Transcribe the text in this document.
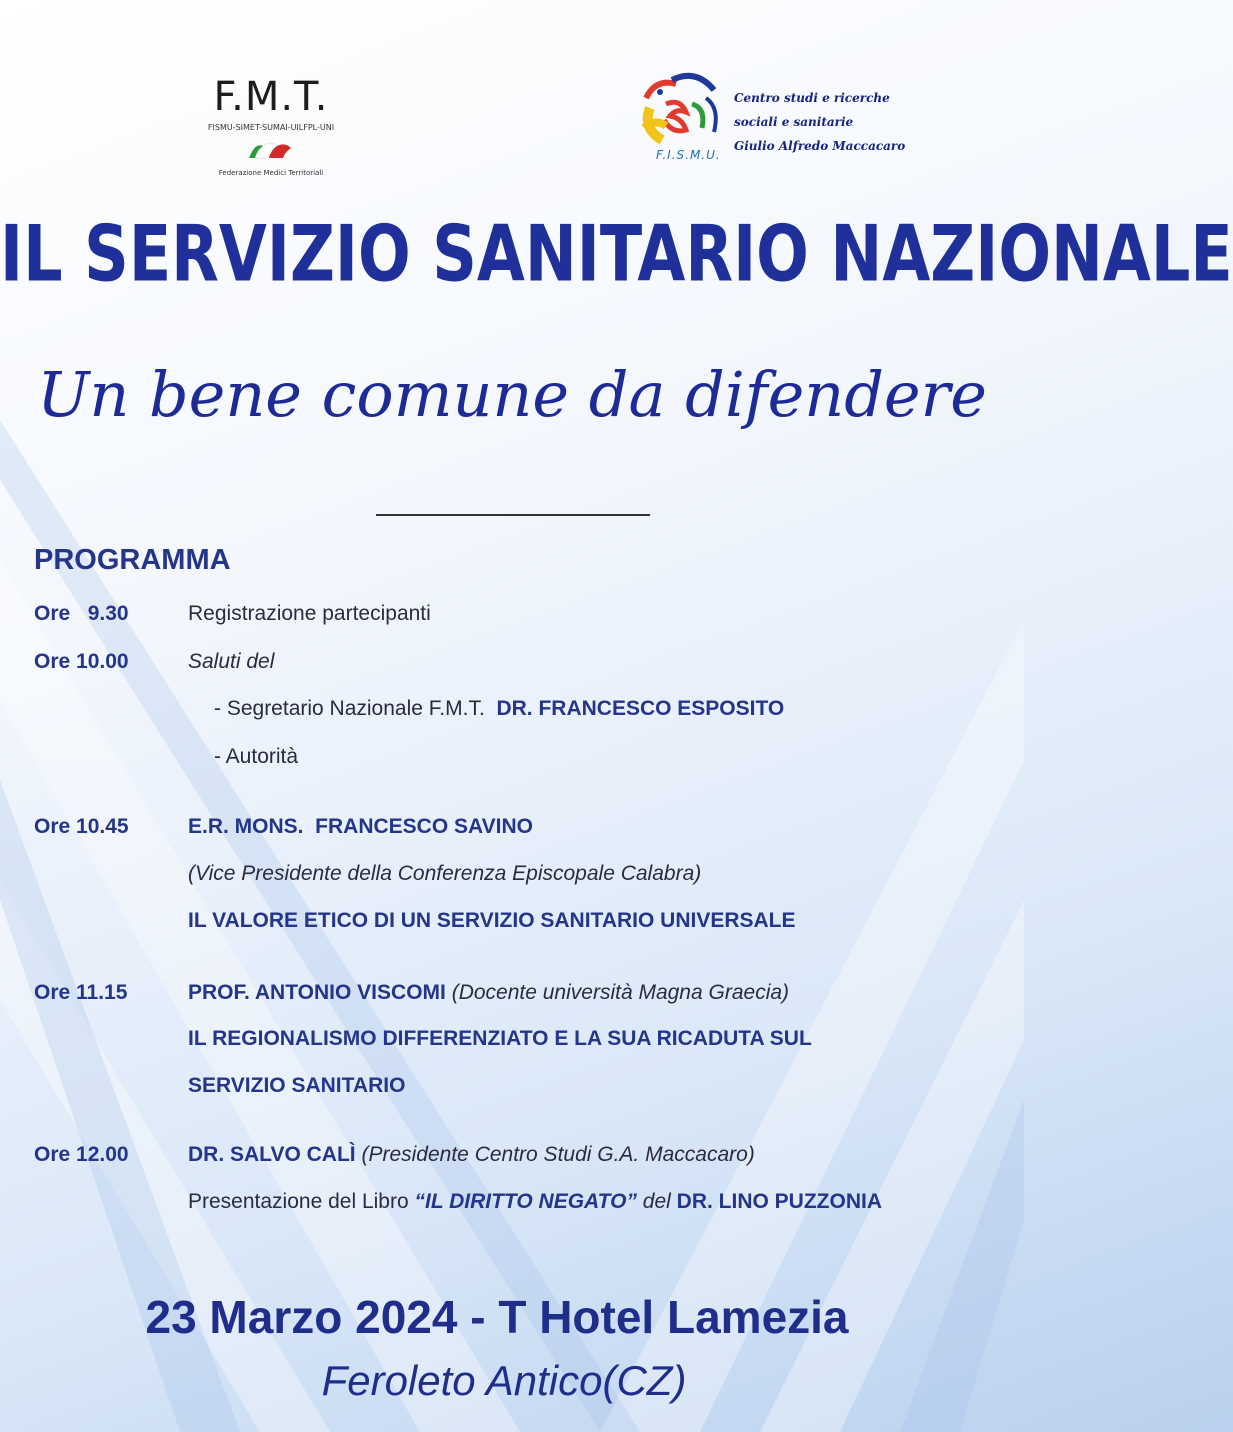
F.M.T.
FISMU-SIMET-SUMAI-UILFPL-UNI
Federazione Medici Territoriali
F.I.S.M.U.
Centro studi e ricerche
sociali e sanitarie
Giulio Alfredo Maccacaro
IL SERVIZIO SANITARIO NAZIONALE
Un bene comune da difendere
PROGRAMMA
Ore   9.30	Registrazione partecipanti
Ore 10.00	Saluti del
- Segretario Nazionale F.M.T. DR. FRANCESCO ESPOSITO
- Autorità
Ore 10.45	E.R. MONS.  FRANCESCO SAVINO
(Vice Presidente della Conferenza Episcopale Calabra)
IL VALORE ETICO DI UN SERVIZIO SANITARIO UNIVERSALE
Ore 11.15	PROF. ANTONIO VISCOMI (Docente università Magna Graecia)
IL REGIONALISMO DIFFERENZIATO E LA SUA RICADUTA SUL
SERVIZIO SANITARIO
Ore 12.00	DR. SALVO CALÌ (Presidente Centro Studi G.A. Maccacaro)
Presentazione del Libro “IL DIRITTO NEGATO” del DR. LINO PUZZONIA
23 Marzo 2024 - T Hotel Lamezia
Feroleto Antico(CZ)
